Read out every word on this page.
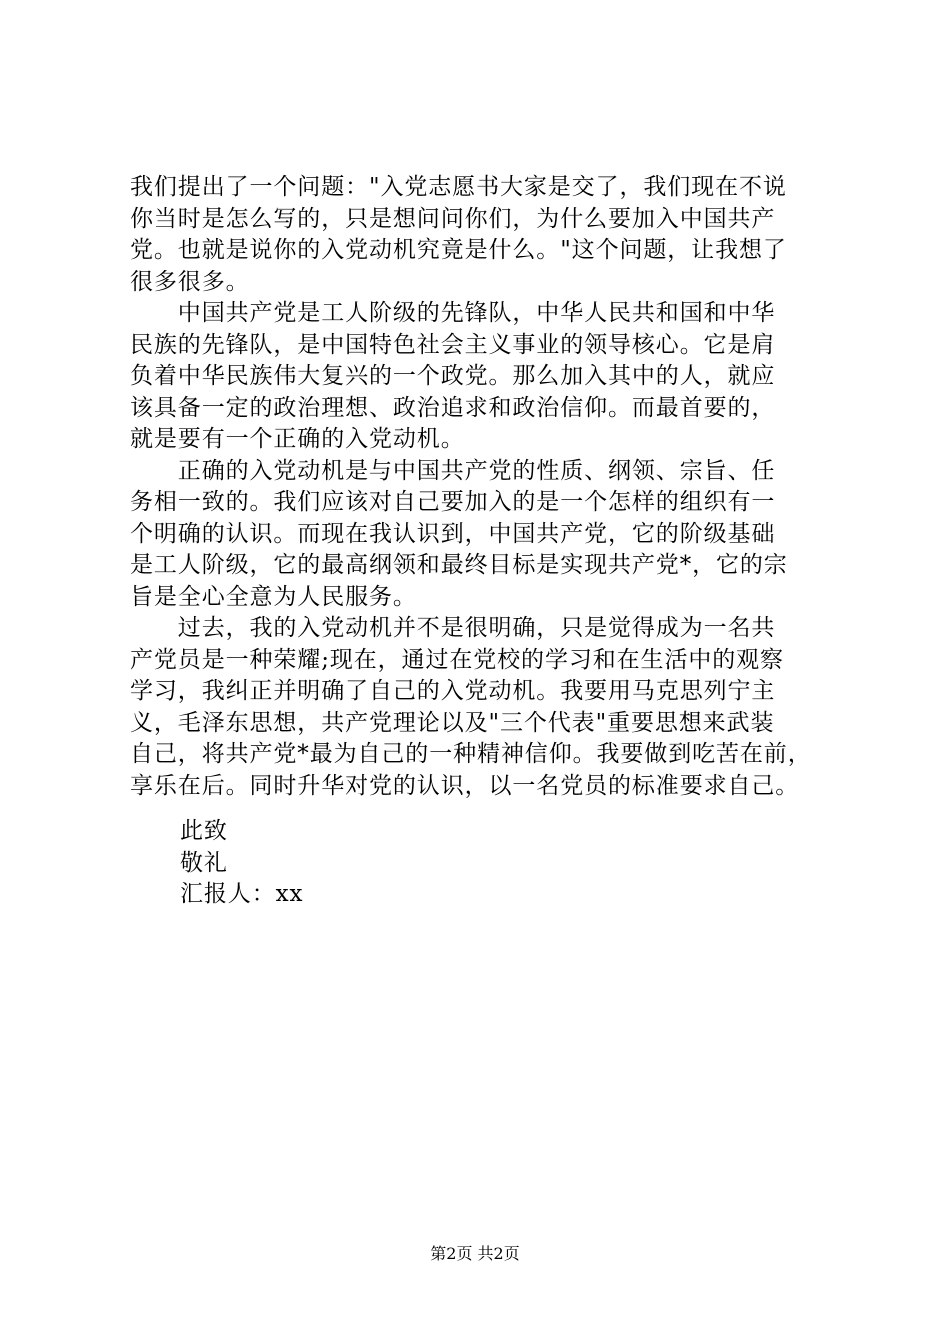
我们提出了一个问题："入党志愿书大家是交了，我们现在不说
你当时是怎么写的，只是想问问你们，为什么要加入中国共产
党。也就是说你的入党动机究竟是什么。"这个问题，让我想了
很多很多。
　　中国共产党是工人阶级的先锋队，中华人民共和国和中华
民族的先锋队，是中国特色社会主义事业的领导核心。它是肩
负着中华民族伟大复兴的一个政党。那么加入其中的人，就应
该具备一定的政治理想、政治追求和政治信仰。而最首要的，
就是要有一个正确的入党动机。
　　正确的入党动机是与中国共产党的性质、纲领、宗旨、任
务相一致的。我们应该对自己要加入的是一个怎样的组织有一
个明确的认识。而现在我认识到，中国共产党，它的阶级基础
是工人阶级，它的最高纲领和最终目标是实现共产党*，它的宗
旨是全心全意为人民服务。
　　过去，我的入党动机并不是很明确，只是觉得成为一名共
产党员是一种荣耀;现在，通过在党校的学习和在生活中的观察
学习，我纠正并明确了自己的入党动机。我要用马克思列宁主
义，毛泽东思想，共产党理论以及"三个代表"重要思想来武装
自己，将共产党*最为自己的一种精神信仰。我要做到吃苦在前，
享乐在后。同时升华对党的认识，以一名党员的标准要求自己。
此致
敬礼
汇报人：xx
第2页 共2页
